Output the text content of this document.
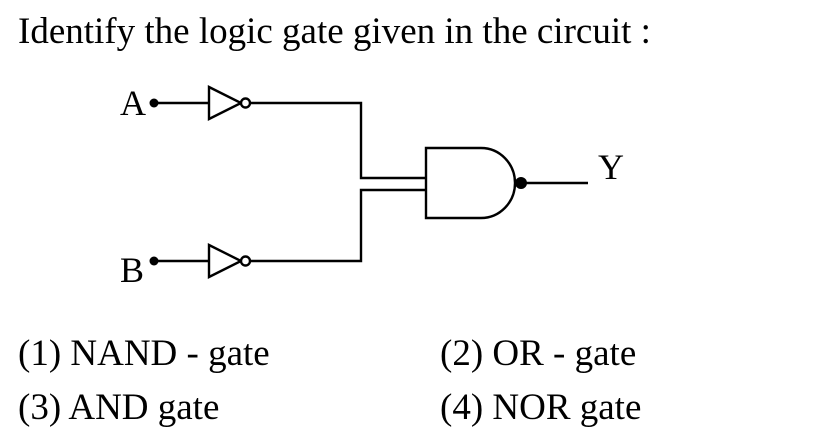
Identify the logic gate given in the circuit :
A
B
Y
(1) NAND - gate	(2) OR - gate
(3) AND gate	(4) NOR gate
